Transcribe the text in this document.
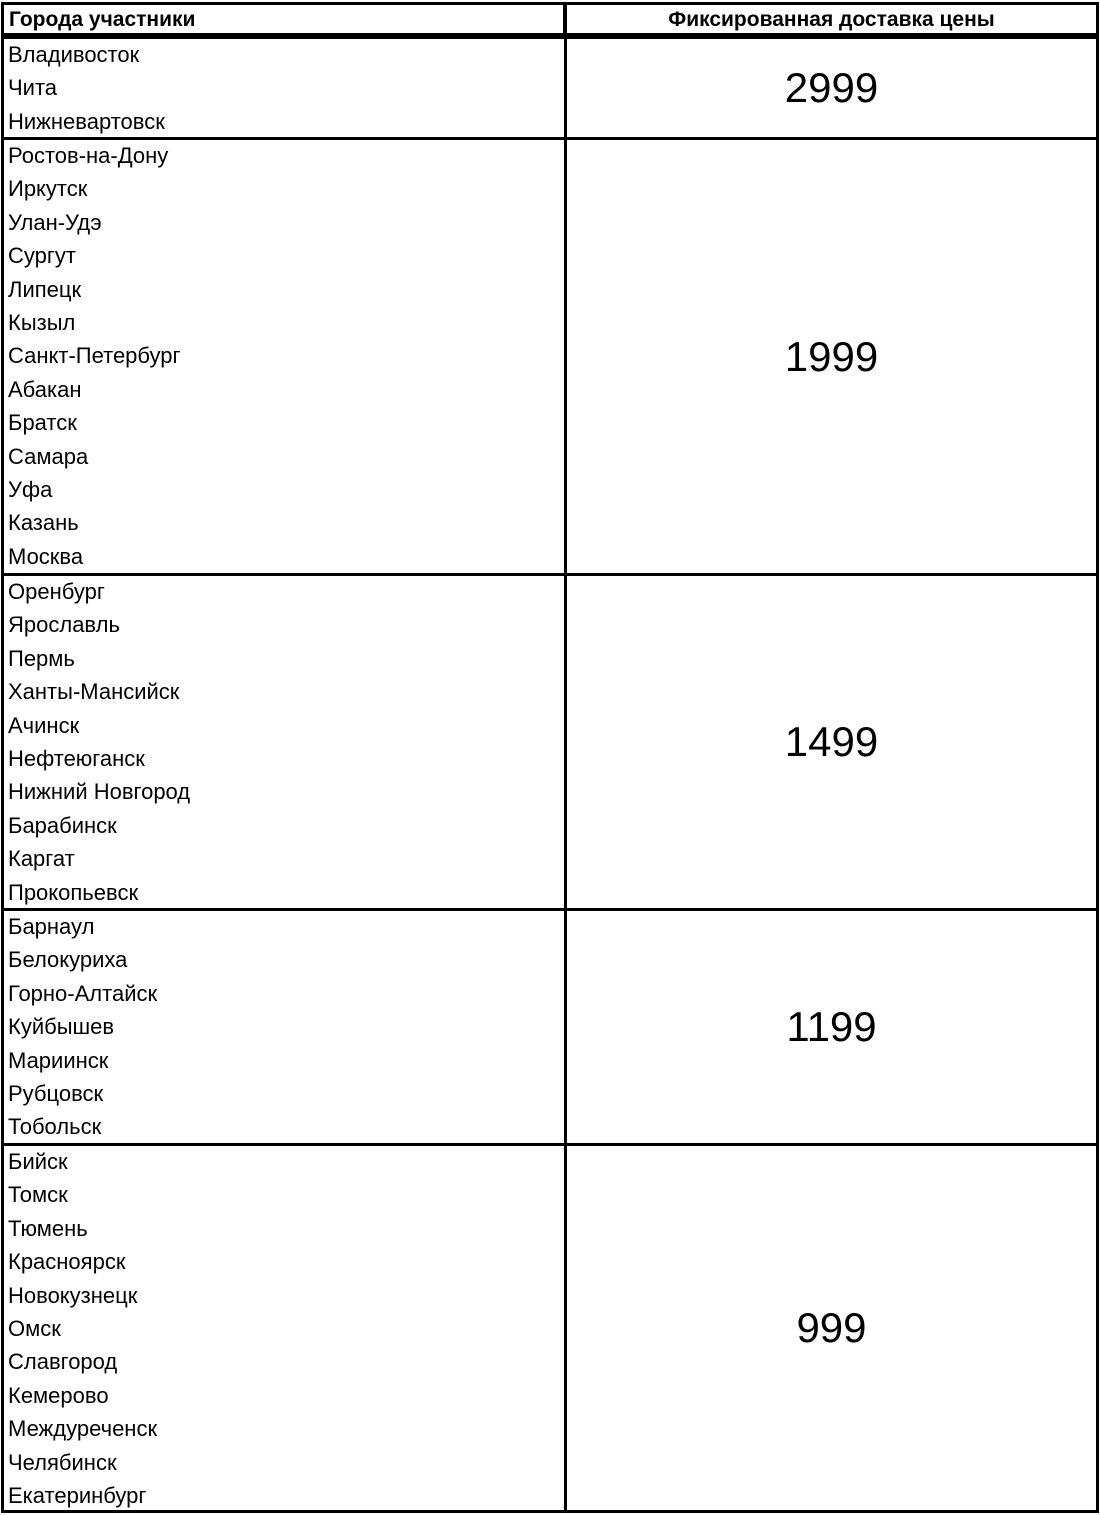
Владивосток
Чита
Нижневартовск
2999
Ростов-на-Дону
Иркутск
Улан-Удэ
Сургут
Липецк
Кызыл
Санкт-Петербург
Абакан
Братск
Самара
Уфа
Казань
Москва
1999
Оренбург
Ярославль
Пермь
Ханты-Мансийск
Ачинск
Нефтеюганск
Нижний Новгород
Барабинск
Каргат
Прокопьевск
1499
Барнаул
Белокуриха
Горно-Алтайск
Куйбышев
Мариинск
Рубцовск
Тобольск
1199
Бийск
Томск
Тюмень
Красноярск
Новокузнецк
Омск
Славгород
Кемерово
Междуреченск
Челябинск
Екатеринбург
999
Города участники	Фиксированная доставка цены
